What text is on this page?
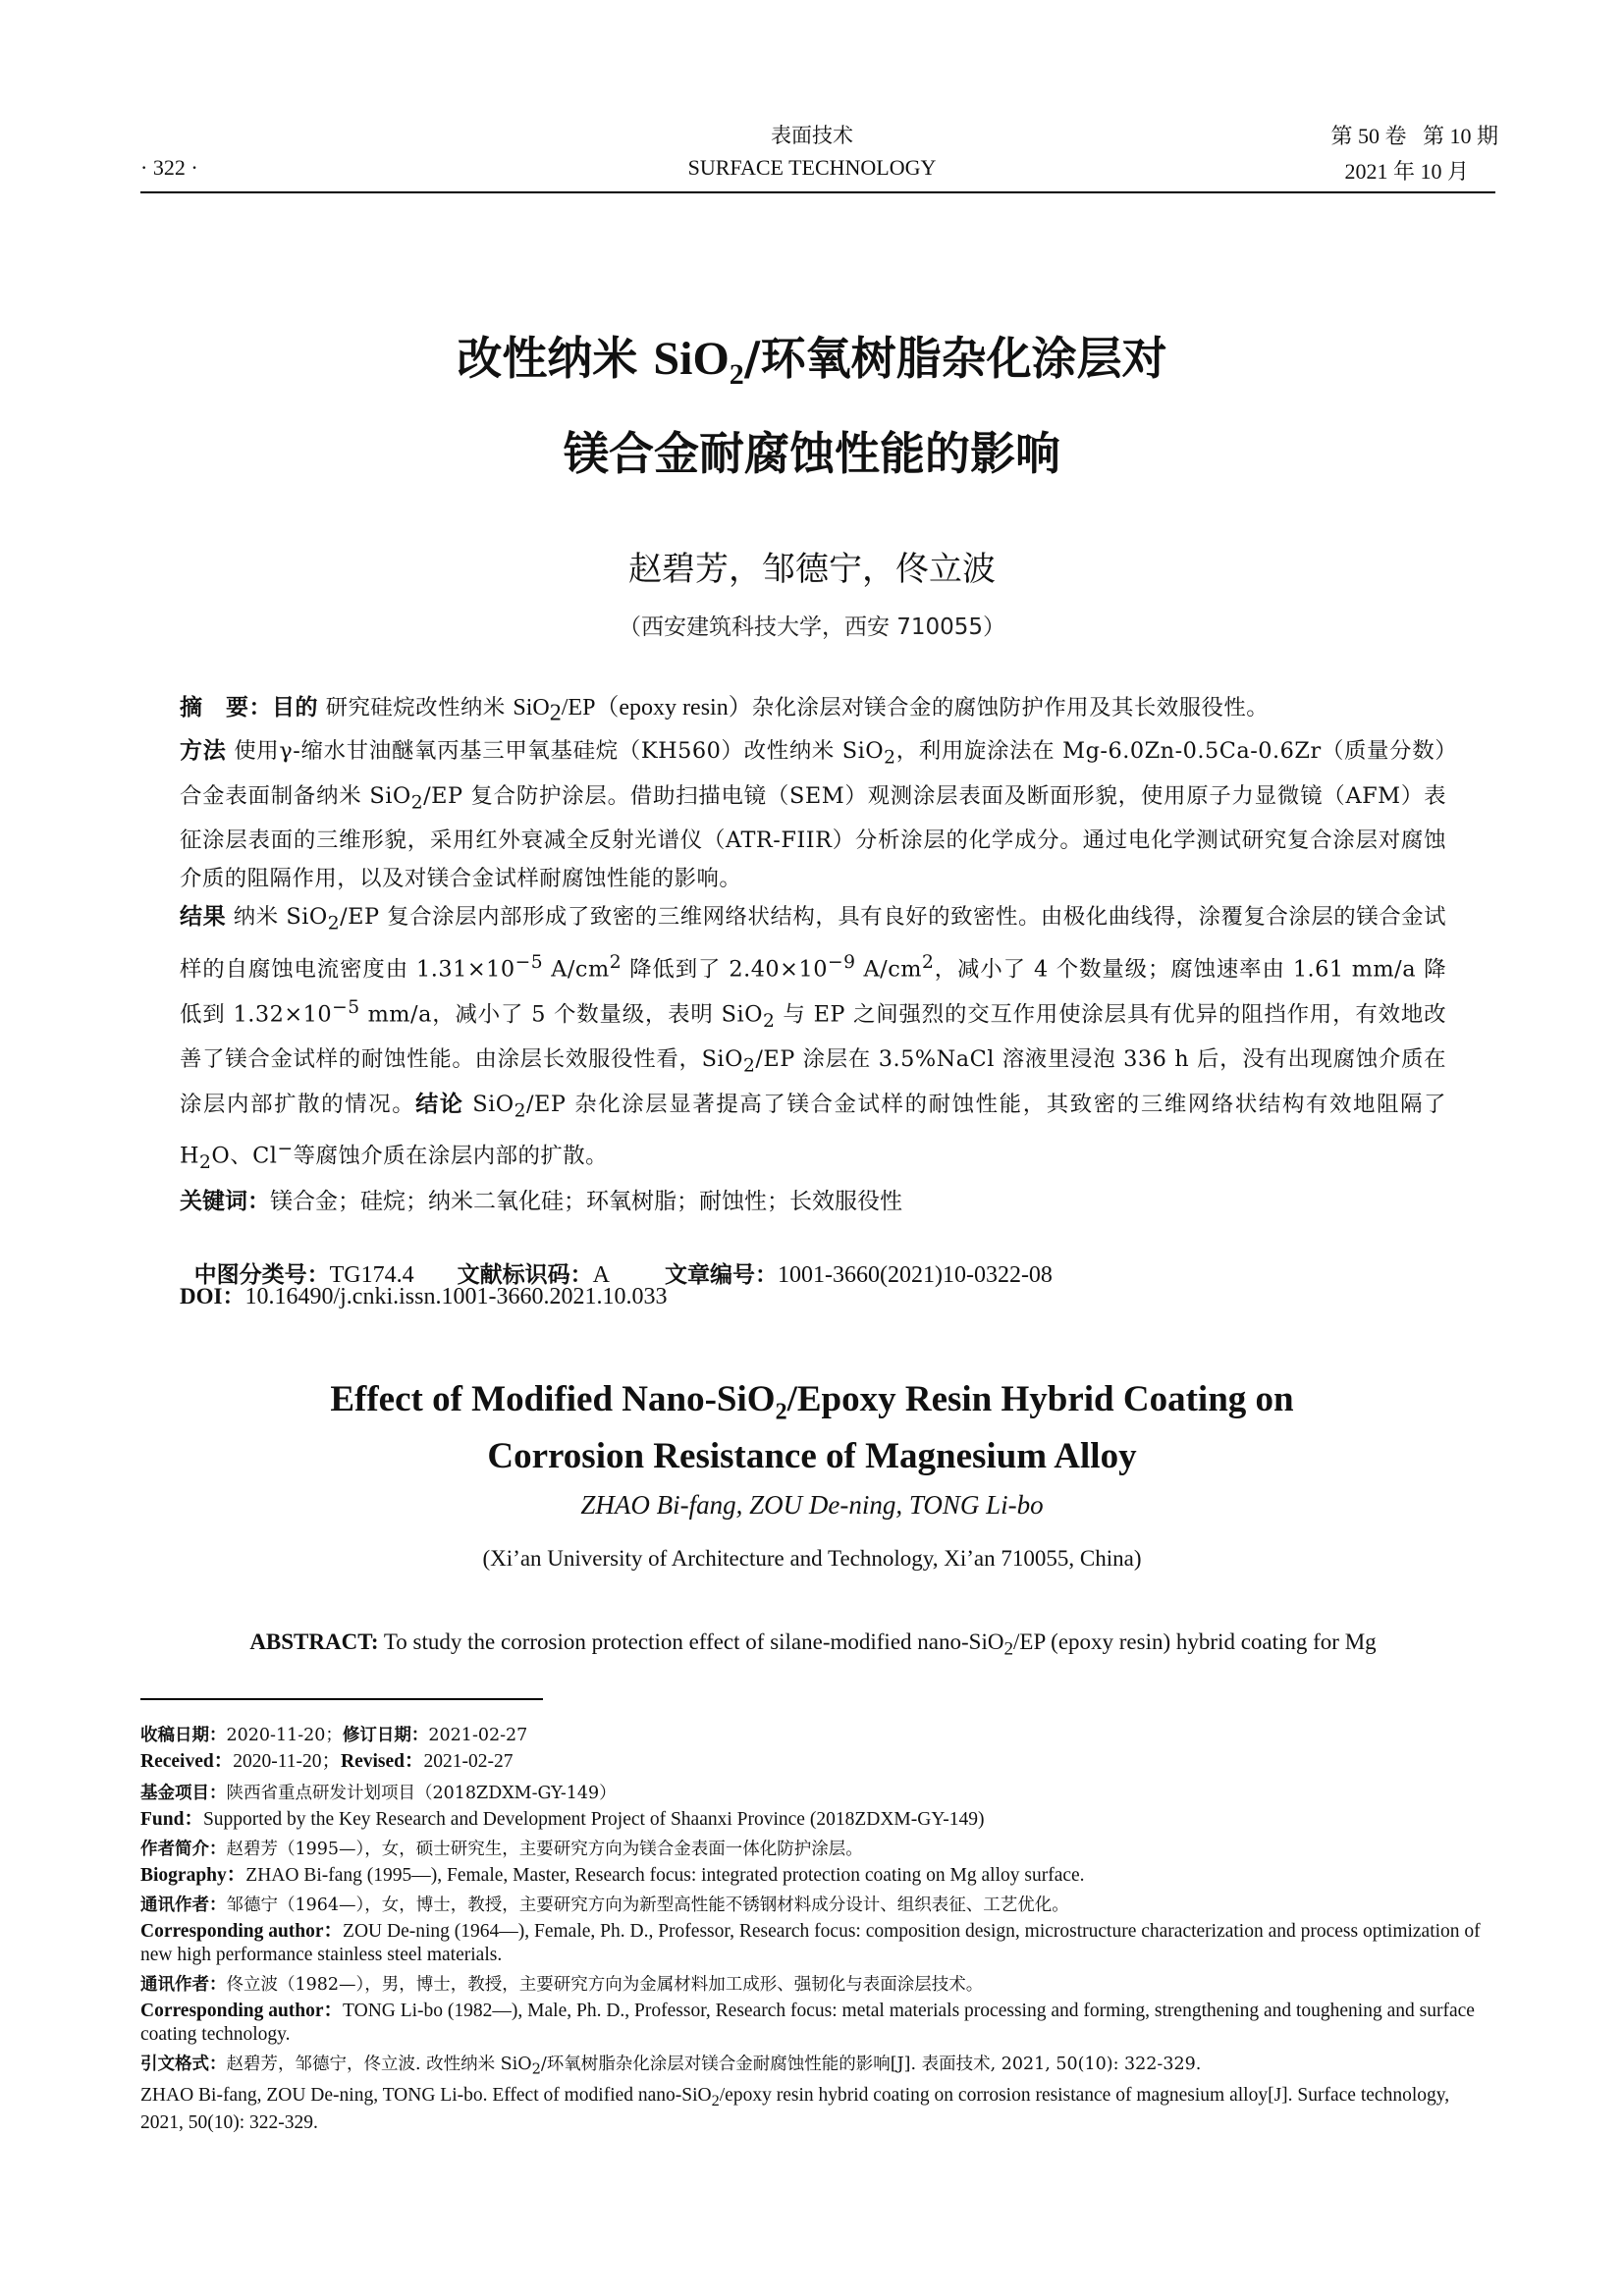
· 322 ·
表面技术
SURFACE TECHNOLOGY
第 50 卷   第 10 期
2021 年 10 月
改性纳米 SiO$_2$/环氧树脂杂化涂层对
镁合金耐腐蚀性能的影响
赵碧芳，邹德宁，佟立波
（西安建筑科技大学，西安 710055）

摘　要：目的 研究硅烷改性纳米 SiO$_2$/EP（epoxy resin）杂化涂层对镁合金的腐蚀防护作用及其长效服役性。
方法 使用γ-缩水甘油醚氧丙基三甲氧基硅烷（KH560）改性纳米 SiO$_2$，利用旋涂法在 Mg-6.0Zn-0.5Ca-0.6Zr（质量分数）合金表面制备纳米 SiO$_2$/EP 复合防护涂层。借助扫描电镜（SEM）观测涂层表面及断面形貌，使用原子力显微镜（AFM）表征涂层表面的三维形貌，采用红外衰减全反射光谱仪（ATR-FIIR）分析涂层的化学成分。通过电化学测试研究复合涂层对腐蚀介质的阻隔作用，以及对镁合金试样耐腐蚀性能的影响。
结果 纳米 SiO$_2$/EP 复合涂层内部形成了致密的三维网络状结构，具有良好的致密性。由极化曲线得，涂覆复合涂层的镁合金试样的自腐蚀电流密度由 $1.31\times 10^{-5}$ $A/cm^2$ 降低到了 $2.40\times 10^{-9}$ $A/cm^2$，减小了 4 个数量级；腐蚀速率由 1.61 mm/a 降低到 $1.32\times 10^{-5}$ mm/a，减小了 5 个数量级，表明 SiO$_2$ 与 EP 之间强烈的交互作用使涂层具有优异的阻挡作用，有效地改善了镁合金试样的耐蚀性能。由涂层长效服役性看，SiO$_2$/EP 涂层在 3.5%NaCl 溶液里浸泡 336 h 后，没有出现腐蚀介质在涂层内部扩散的情况。结论 SiO$_2$/EP 杂化涂层显著提高了镁合金试样的耐蚀性能，其致密的三维网络状结构有效地阻隔了 $H_2O$、Cl−等腐蚀介质在涂层内部的扩散。

关键词：镁合金；硅烷；纳米二氧化硅；环氧树脂；耐蚀性；长效服役性

中图分类号：TG174.4 文献标识码：A 文章编号：1001-3660(2021)10-0322-08

DOI：10.16490/j.cnki.issn.1001-3660.2021.10.033
Effect of Modified Nano-SiO$_2$/Epoxy Resin Hybrid Coating on
Corrosion Resistance of Magnesium Alloy
ZHAO Bi-fang, ZOU De-ning, TONG Li-bo
(Xi’an University of Architecture and Technology, Xi’an 710055, China)
ABSTRACT: To study the corrosion protection effect of silane-modified nano-SiO$_2$/EP (epoxy resin) hybrid coating for Mg

收稿日期：2020-11-20；修订日期：2021-02-27

Received：2020-11-20；Revised：2021-02-27

基金项目：陕西省重点研发计划项目（2018ZDXM-GY-149）

Fund：Supported by the Key Research and Development Project of Shaanxi Province (2018ZDXM-GY-149)

作者简介：赵碧芳（1995—），女，硕士研究生，主要研究方向为镁合金表面一体化防护涂层。

Biography：ZHAO Bi-fang (1995—), Female, Master, Research focus: integrated protection coating on Mg alloy surface.

通讯作者：邹德宁（1964—），女，博士，教授，主要研究方向为新型高性能不锈钢材料成分设计、组织表征、工艺优化。

Corresponding author：ZOU De-ning (1964—), Female, Ph. D., Professor, Research focus: composition design, microstructure characterization and process optimization of new high performance stainless steel materials.

通讯作者：佟立波（1982—），男，博士，教授，主要研究方向为金属材料加工成形、强韧化与表面涂层技术。

Corresponding author：TONG Li-bo (1982—), Male, Ph. D., Professor, Research focus: metal materials processing and forming, strengthening and toughening and surface coating technology.

引文格式：赵碧芳，邹德宁，佟立波. 改性纳米 SiO$_2$/环氧树脂杂化涂层对镁合金耐腐蚀性能的影响[J]. 表面技术, 2021, 50(10): 322-329.

ZHAO Bi-fang, ZOU De-ning, TONG Li-bo. Effect of modified nano-SiO$_2$/epoxy resin hybrid coating on corrosion resistance of magnesium alloy[J]. Surface technology, 2021, 50(10): 322-329.
